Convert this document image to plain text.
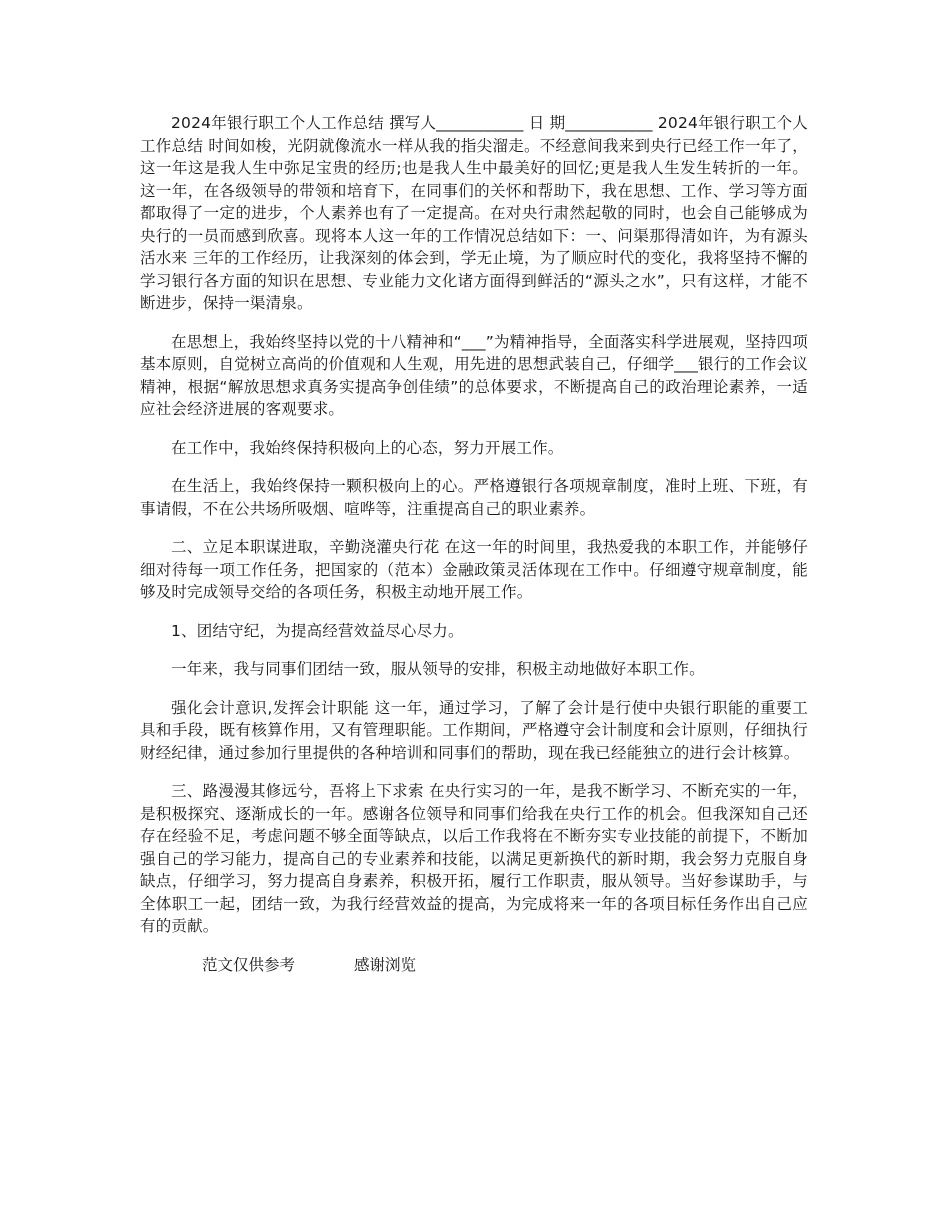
2024年银行职工个人工作总结 撰写人___________ 日 期___________ 2024年银行职工个人工作总结 时间如梭，光阴就像流水一样从我的指尖溜走。不经意间我来到央行已经工作一年了，这一年这是我人生中弥足宝贵的经历;也是我人生中最美好的回忆;更是我人生发生转折的一年。这一年，在各级领导的带领和培育下，在同事们的关怀和帮助下，我在思想、工作、学习等方面都取得了一定的进步，个人素养也有了一定提高。在对央行肃然起敬的同时，也会自己能够成为央行的一员而感到欣喜。现将本人这一年的工作情况总结如下：一、问渠那得清如许，为有源头活水来 三年的工作经历，让我深刻的体会到，学无止境，为了顺应时代的变化，我将坚持不懈的学习银行各方面的知识在思想、专业能力文化诸方面得到鲜活的“源头之水”，只有这样，才能不断进步，保持一渠清泉。

在思想上，我始终坚持以党的十八精神和“___”为精神指导，全面落实科学进展观，坚持四项基本原则，自觉树立高尚的价值观和人生观，用先进的思想武装自己，仔细学___银行的工作会议精神，根据“解放思想求真务实提高争创佳绩”的总体要求，不断提高自己的政治理论素养，一适应社会经济进展的客观要求。

在工作中，我始终保持积极向上的心态，努力开展工作。

在生活上，我始终保持一颗积极向上的心。严格遵银行各项规章制度，准时上班、下班，有事请假，不在公共场所吸烟、喧哗等，注重提高自己的职业素养。

二、立足本职谋进取，辛勤浇灌央行花 在这一年的时间里，我热爱我的本职工作，并能够仔细对待每一项工作任务，把国家的（范本）金融政策灵活体现在工作中。仔细遵守规章制度，能够及时完成领导交给的各项任务，积极主动地开展工作。

1、团结守纪，为提高经营效益尽心尽力。

一年来，我与同事们团结一致，服从领导的安排，积极主动地做好本职工作。

强化会计意识,发挥会计职能 这一年，通过学习，了解了会计是行使中央银行职能的重要工具和手段，既有核算作用，又有管理职能。工作期间，严格遵守会计制度和会计原则，仔细执行财经纪律，通过参加行里提供的各种培训和同事们的帮助，现在我已经能独立的进行会计核算。

三、路漫漫其修远兮，吾将上下求索 在央行实习的一年，是我不断学习、不断充实的一年，是积极探究、逐渐成长的一年。感谢各位领导和同事们给我在央行工作的机会。但我深知自己还存在经验不足，考虑问题不够全面等缺点，以后工作我将在不断夯实专业技能的前提下，不断加强自己的学习能力，提高自己的专业素养和技能，以满足更新换代的新时期，我会努力克服自身缺点，仔细学习，努力提高自身素养，积极开拓，履行工作职责，服从领导。当好参谋助手，与全体职工一起，团结一致，为我行经营效益的提高，为完成将来一年的各项目标任务作出自己应有的贡献。

范文仅供参考	感谢浏览
